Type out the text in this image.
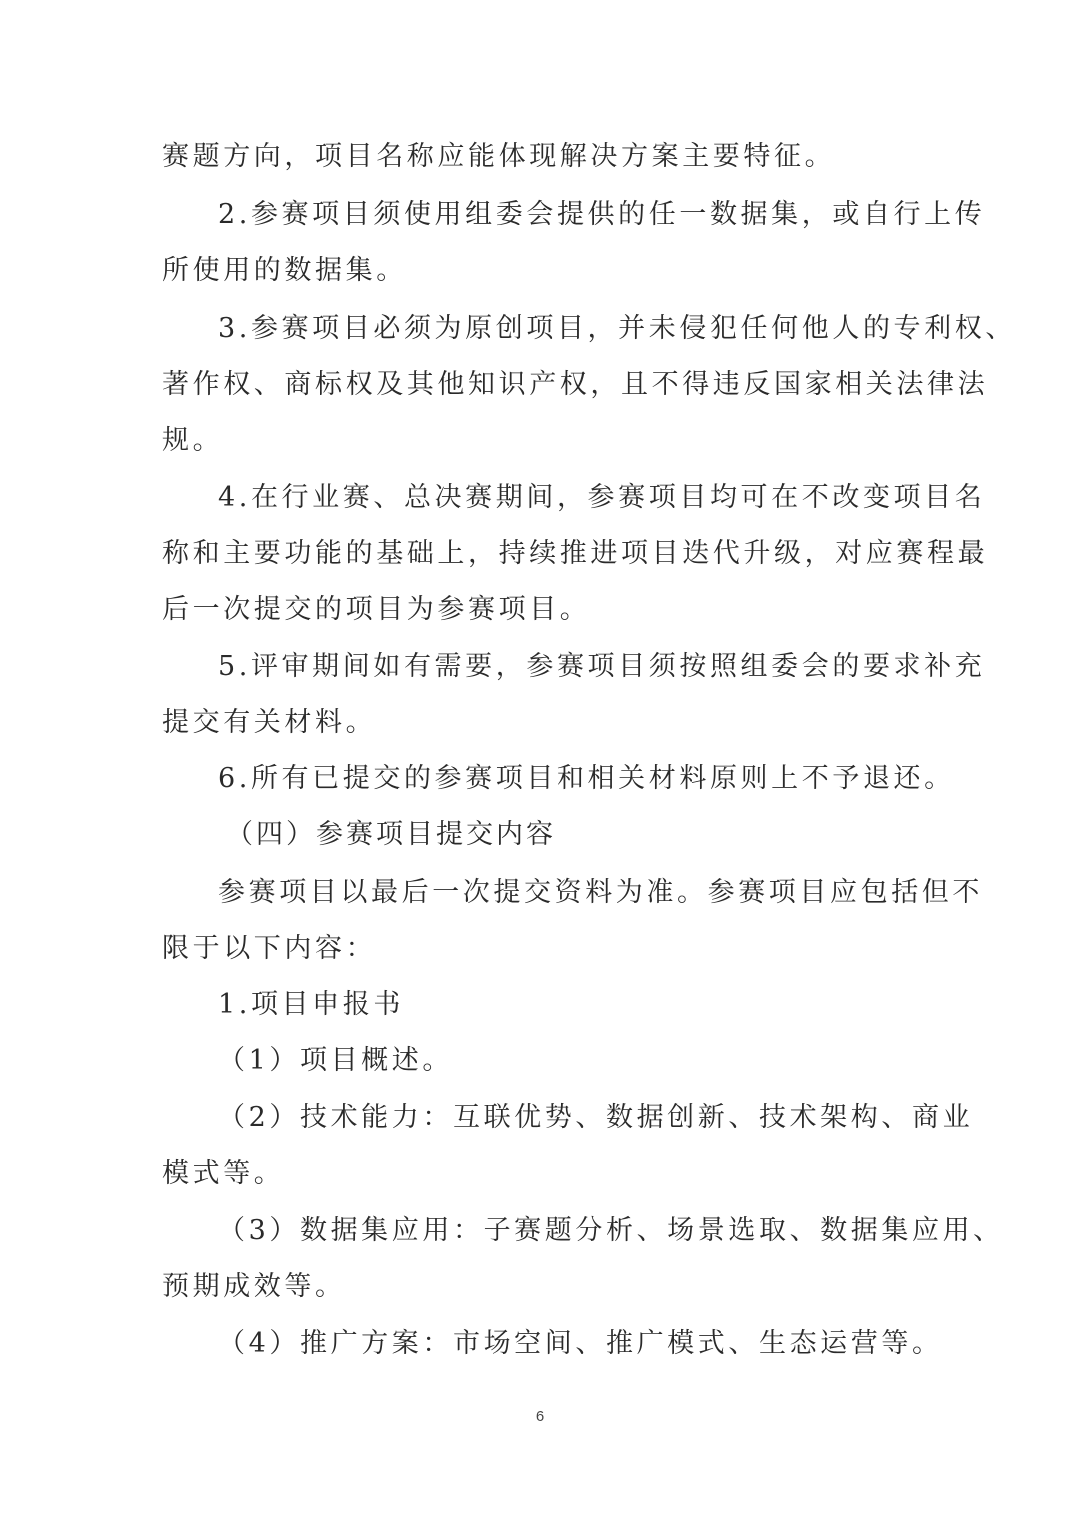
赛题方向，项目名称应能体现解决方案主要特征。
2.参赛项目须使用组委会提供的任一数据集，或自行上传
所使用的数据集。
3.参赛项目必须为原创项目，并未侵犯任何他人的专利权、
著作权、商标权及其他知识产权，且不得违反国家相关法律法
规。
4.在行业赛、总决赛期间，参赛项目均可在不改变项目名
称和主要功能的基础上，持续推进项目迭代升级，对应赛程最
后一次提交的项目为参赛项目。
5.评审期间如有需要，参赛项目须按照组委会的要求补充
提交有关材料。
6.所有已提交的参赛项目和相关材料原则上不予退还。
（四）参赛项目提交内容
参赛项目以最后一次提交资料为准。参赛项目应包括但不
限于以下内容：
1.项目申报书
（1）项目概述。
（2）技术能力：互联优势、数据创新、技术架构、商业
模式等。
（3）数据集应用：子赛题分析、场景选取、数据集应用、
预期成效等。
（4）推广方案：市场空间、推广模式、生态运营等。
6
